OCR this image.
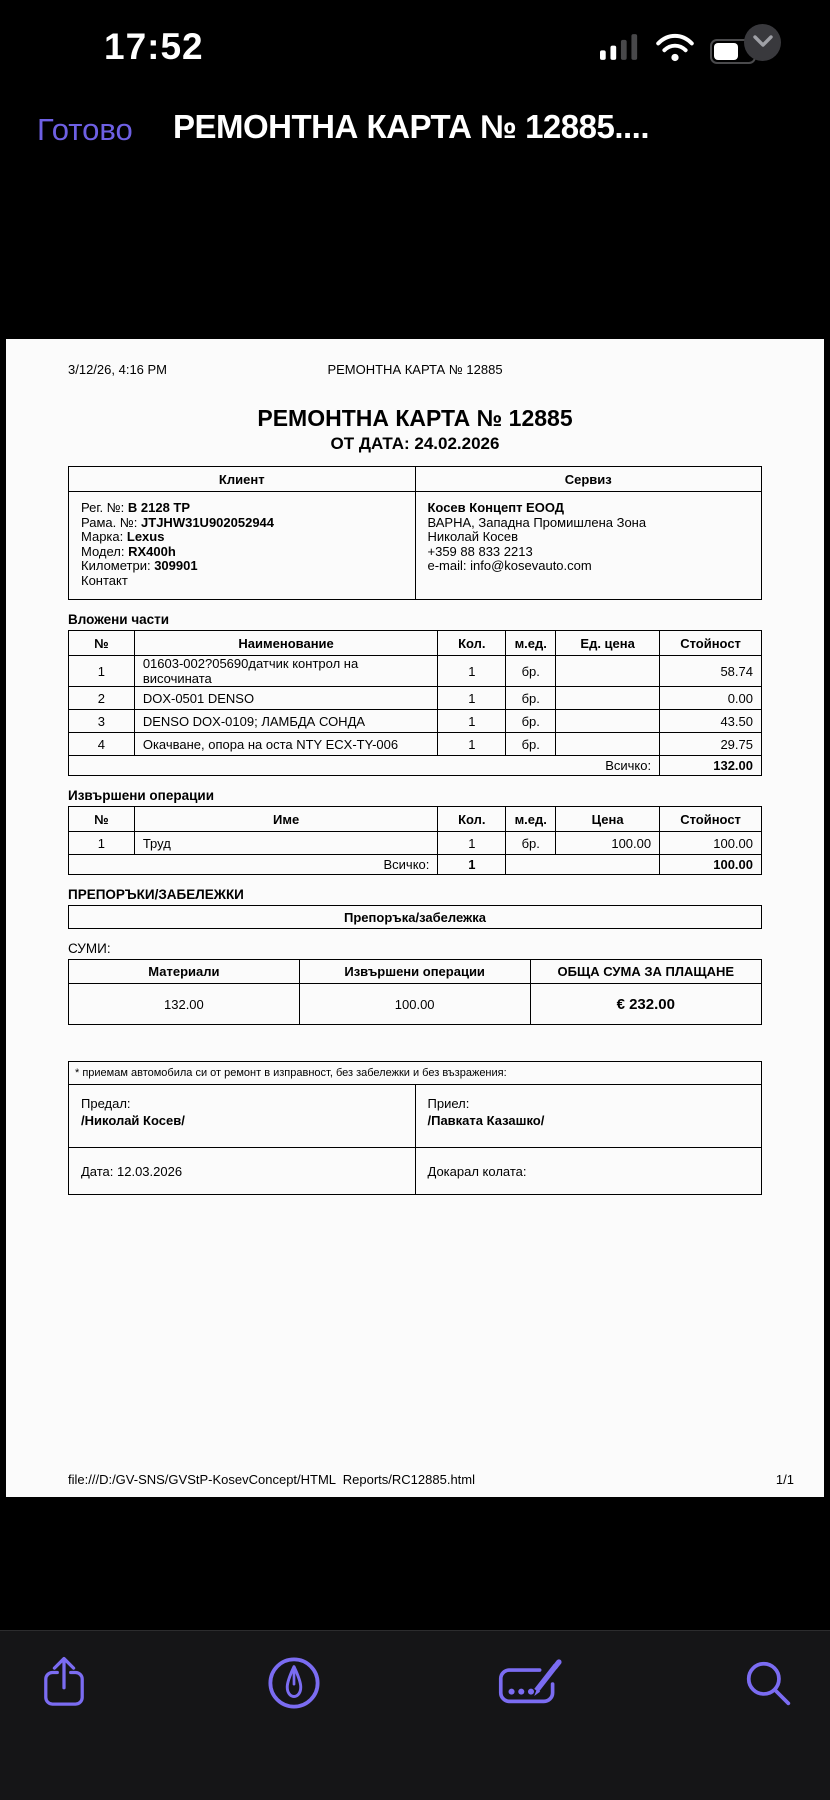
17:52
Готово РЕМОНТНА КАРТА № 12885....
3/12/26, 4:16 PM	РЕМОНТНА КАРТА № 12885
РЕМОНТНА КАРТА № 12885
ОТ ДАТА: 24.02.2026
Клиент	Сервиз

Рег. №: В 2128 ТР
Рама. №: JTJHW31U902052944
Марка: Lexus
Модел: RX400h
Километри: 309901
Контакт

Косев Концепт ЕООД
ВАРНА, Западна Промишлена Зона
Николай Косев
+359 88 833 2213
e-mail: info@kosevauto.com
Вложени части
№	Наименование	Кол.	м.ед.	Ед. цена	Стойност
1	01603-002?05690датчик контрол на височината	1	бр.		58.74
2	DOX-0501 DENSO	1	бр.		0.00
3	DENSO DOX-0109; ЛАМБДА СОНДА	1	бр.		43.50
4	Окачване, опора на оста NTY ECX-TY-006	1	бр.		29.75
Всичко:					132.00
Извършени операции
№	Име	Кол.	м.ед.	Цена	Стойност
1	Труд	1	бр.	100.00	100.00
Всичко:		1			100.00
ПРЕПОРЪКИ/ЗАБЕЛЕЖКИ
Препоръка/забележка
СУМИ:
Материали	Извършени операции	ОБЩА СУМА ЗА ПЛАЩАНЕ
132.00	100.00	€ 232.00
* приемам автомобила си от ремонт в изправност, без забележки и без възражения:	

Предал:
/Николай Косев/

Приел:
/Павката Казашко/

Дата: 12.03.2026	Докарал колата:
file:///D:/GV-SNS/GVStP-KosevConcept/HTML  Reports/RC12885.html	1/1
